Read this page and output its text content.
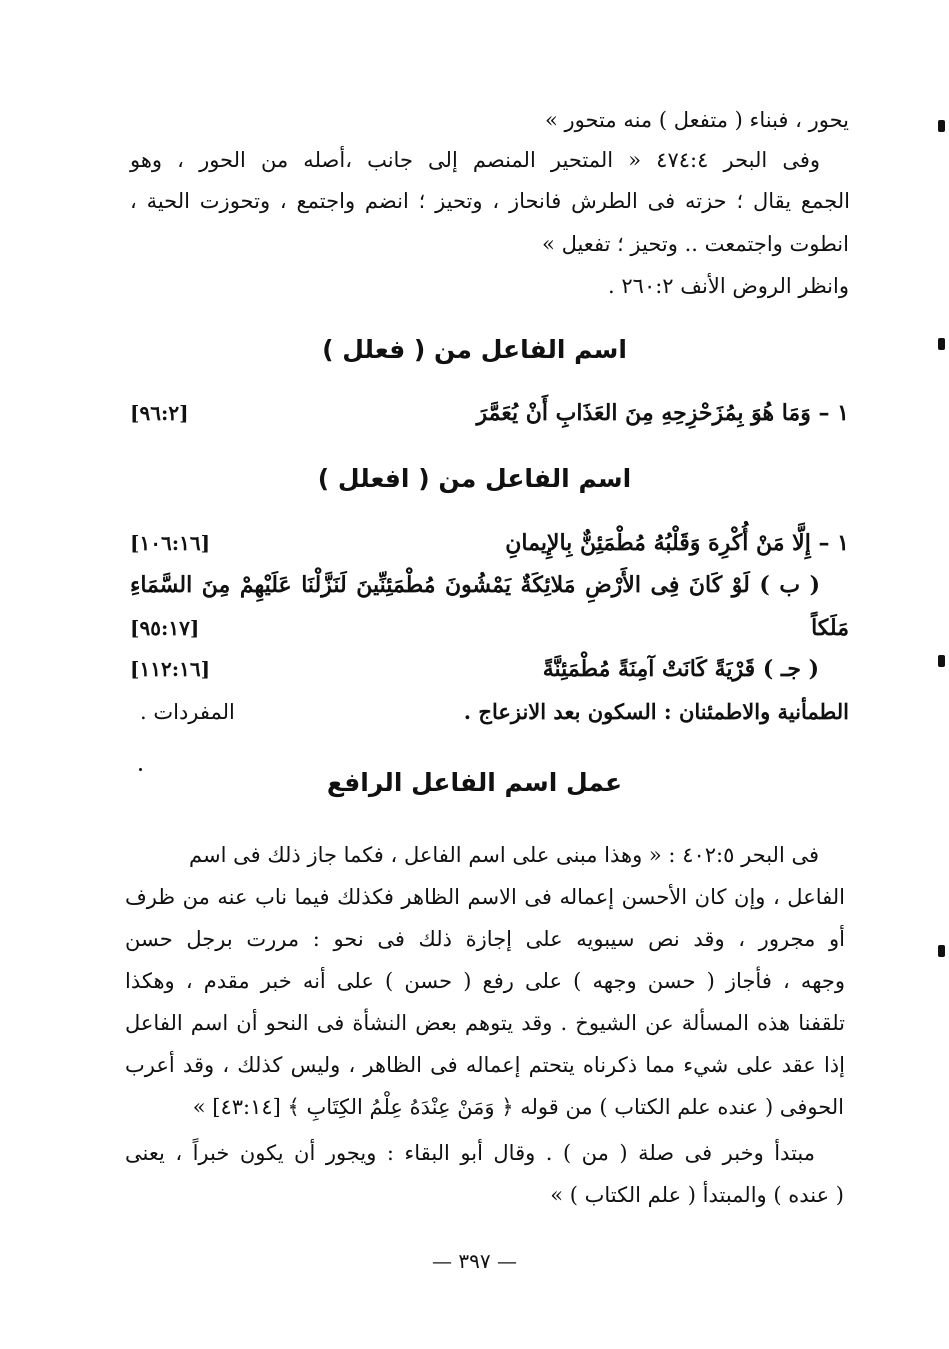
يحور ، فبناء ( متفعل ) منه متحور »
وفى البحر ٤٧٤:٤ « المتحير المنصم إلى جانب ،أصله من الحور ، وهو
الجمع يقال ؛ حزته فى الطرش فانحاز ، وتحيز ؛ انضم واجتمع ، وتحوزت الحية ،
انطوت واجتمعت .. وتحيز ؛ تفعيل »
وانظر الروض الأنف ٢٦٠:٢ .
اسم الفاعل من ( فعلل )
١ – وَمَا هُوَ بِمُزَحْزِحِهِ مِنَ العَذَابِ أَنْ يُعَمَّرَ
[٩٦:٢]
اسم الفاعل من ( افعلل )
١ – إِلَّا مَنْ أُكْرِهَ وَقَلْبُهُ مُطْمَئِنٌّ بِالإِيمانِ
[١٠٦:١٦]
( ب ) لَوْ كَانَ فِى الأَرْضِ مَلائِكَةٌ يَمْشُونَ مُطْمَئِنِّينَ لَنَزَّلْنَا عَلَيْهِمْ مِنَ السَّمَاءِ
مَلَكاً
[٩٥:١٧]
( جـ ) قَرْيَةً كَانَتْ آمِنَةً مُطْمَئِنَّةً
[١١٢:١٦]
الطمأنية والاطمئنان : السكون بعد الانزعاج .
المفردات .
عمل اسم الفاعل الرافع
فى البحر ٤٠٢:٥ : « وهذا مبنى على اسم الفاعل ، فكما جاز ذلك فى اسم
الفاعل ، وإن كان الأحسن إعماله فى الاسم الظاهر فكذلك فيما ناب عنه من ظرف
أو مجرور ، وقد نص سيبويه على إجازة ذلك فى نحو : مررت برجل حسن
وجهه ، فأجاز ( حسن وجهه ) على رفع ( حسن ) على أنه خبر مقدم ، وهكذا
تلقفنا هذه المسألة عن الشيوخ . وقد يتوهم بعض النشأة فى النحو أن اسم الفاعل
إذا عقد على شيء مما ذكرناه يتحتم إعماله فى الظاهر ، وليس كذلك ، وقد أعرب
الحوفى ( عنده علم الكتاب ) من قوله ﴿ وَمَنْ عِنْدَهُ عِلْمُ الكِتَابِ ﴾ [٤٣:١٤] »
مبتدأ وخبر فى صلة ( من ) . وقال أبو البقاء : ويجور أن يكون خبراً ، يعنى
( عنده ) والمبتدأ ( علم الكتاب ) »
— ٣٩٧ —
